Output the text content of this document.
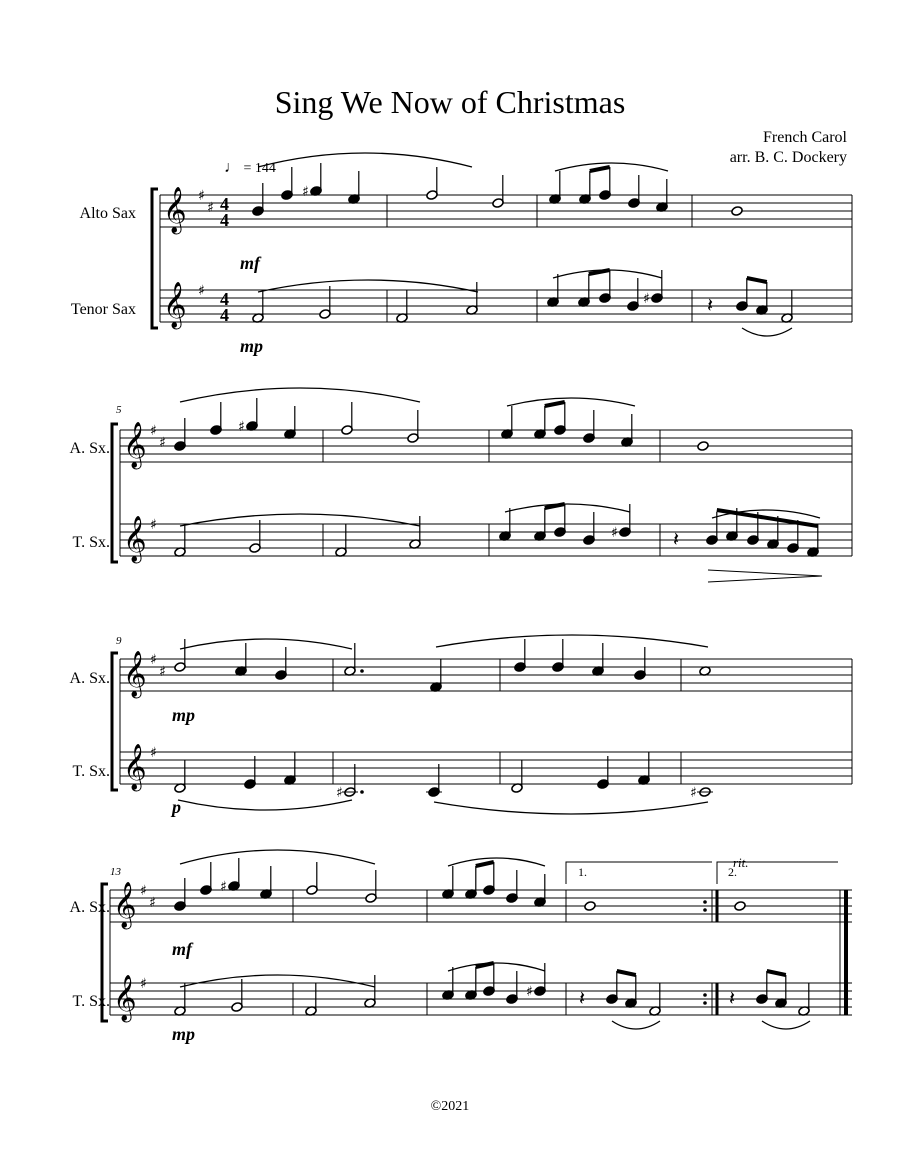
Sing We Now of Christmas
French Carol
arr. B. C. Dockery
♩ = 144
Alto Sax
Tenor Sax
A. Sx.
T. Sx.
A. Sx.
T. Sx.
A. Sx.
T. Sx.
5
9
13
mf
mp
mp
p
mf
mp
1.	2.
rit.
©2021
𝄞
𝄞
♯
♯
♯
4
4
4
4
♯
♯	𝄽
𝄞
𝄞
♯
♯
♯
♯
♯	𝄽
𝄞
𝄞
♯
♯
♯
♯	♯
𝄞
𝄞
♯
♯
♯
♯
♯ 𝄽	𝄽
